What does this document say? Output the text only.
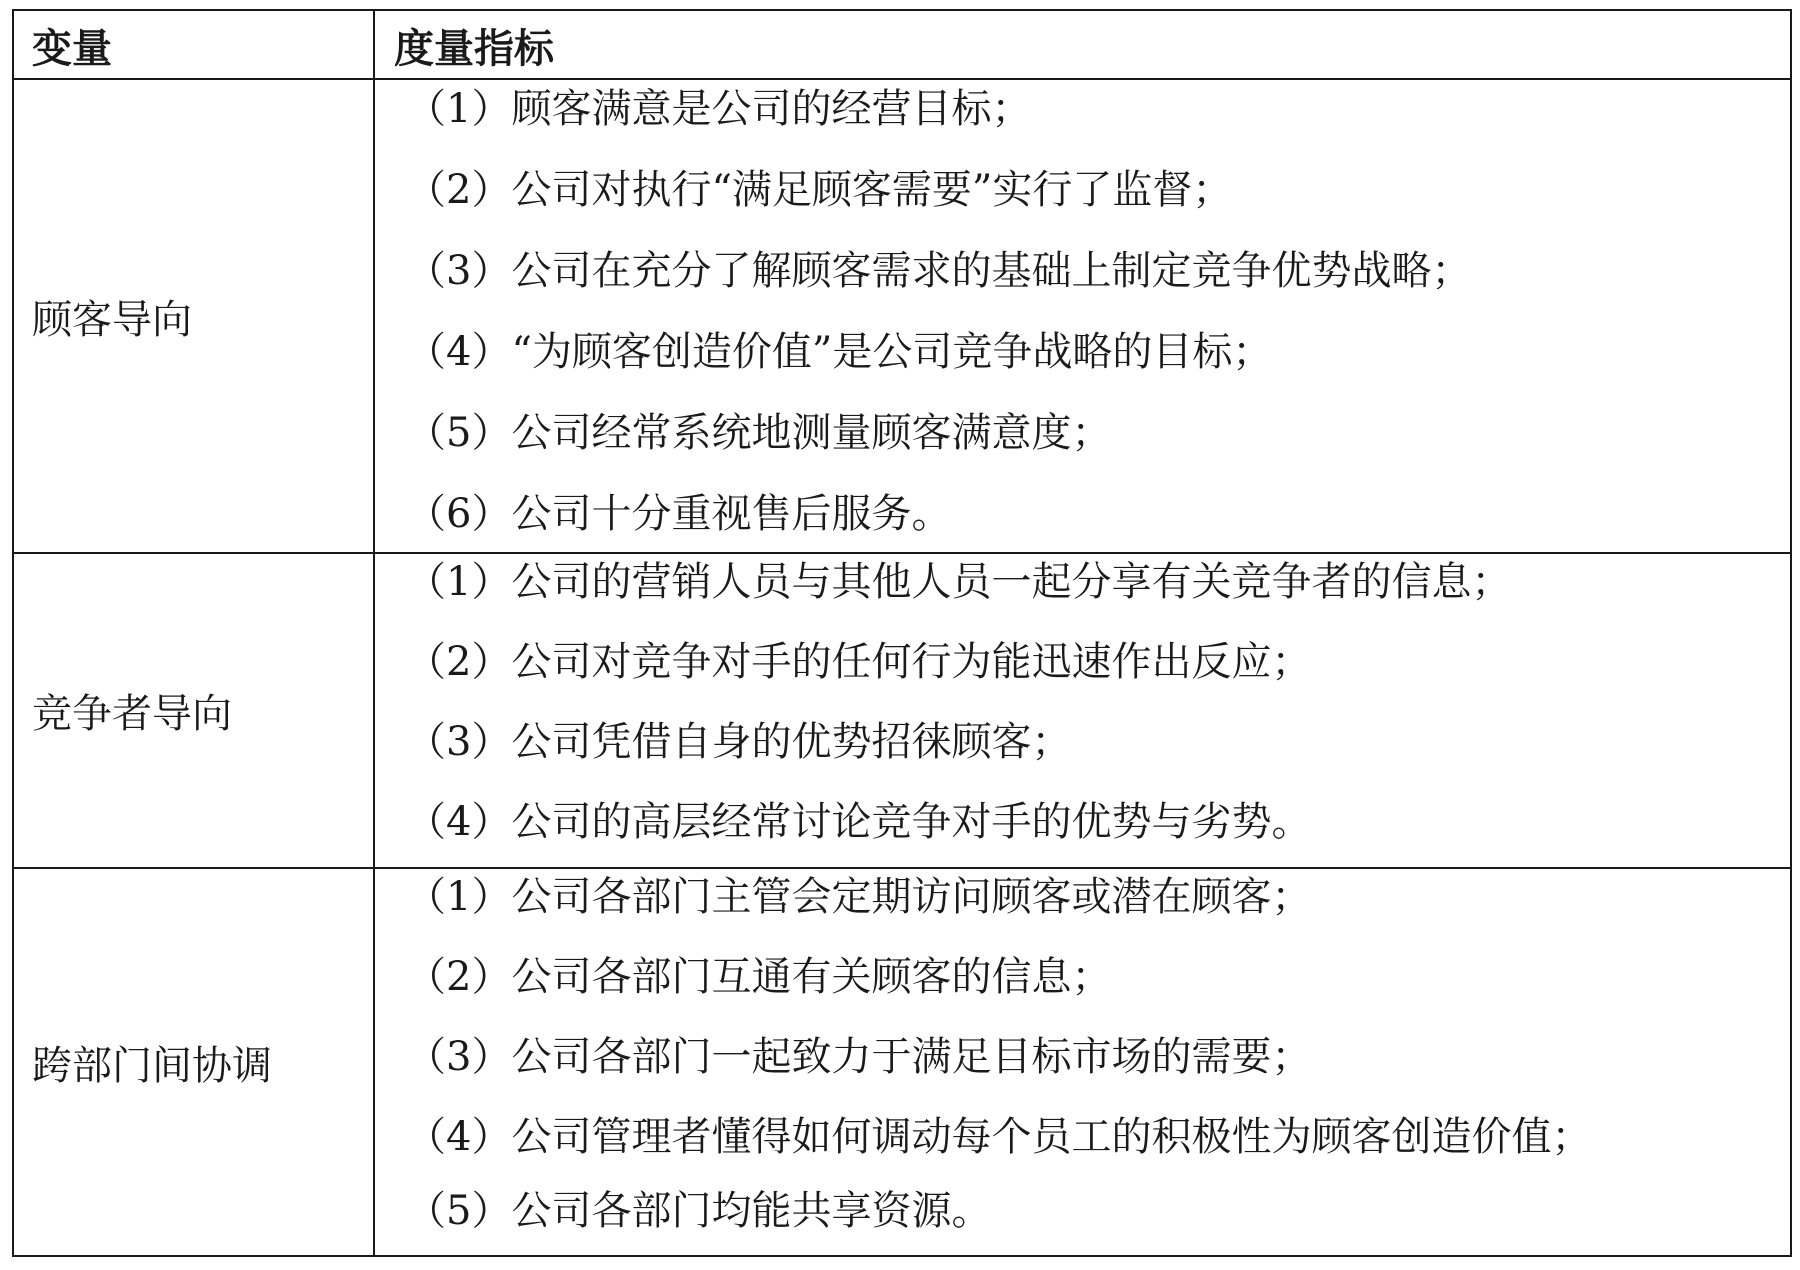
变量	度量指标
顾客导向
（1）顾客满意是公司的经营目标；
（2）公司对执行“满足顾客需要”实行了监督；
（3）公司在充分了解顾客需求的基础上制定竞争优势战略；
（4）“为顾客创造价值”是公司竞争战略的目标；
（5）公司经常系统地测量顾客满意度；
（6）公司十分重视售后服务。
竞争者导向
（1）公司的营销人员与其他人员一起分享有关竞争者的信息；
（2）公司对竞争对手的任何行为能迅速作出反应；
（3）公司凭借自身的优势招徕顾客；
（4）公司的高层经常讨论竞争对手的优势与劣势。
跨部门间协调
（1）公司各部门主管会定期访问顾客或潜在顾客；
（2）公司各部门互通有关顾客的信息；
（3）公司各部门一起致力于满足目标市场的需要；
（4）公司管理者懂得如何调动每个员工的积极性为顾客创造价值；
（5）公司各部门均能共享资源。
